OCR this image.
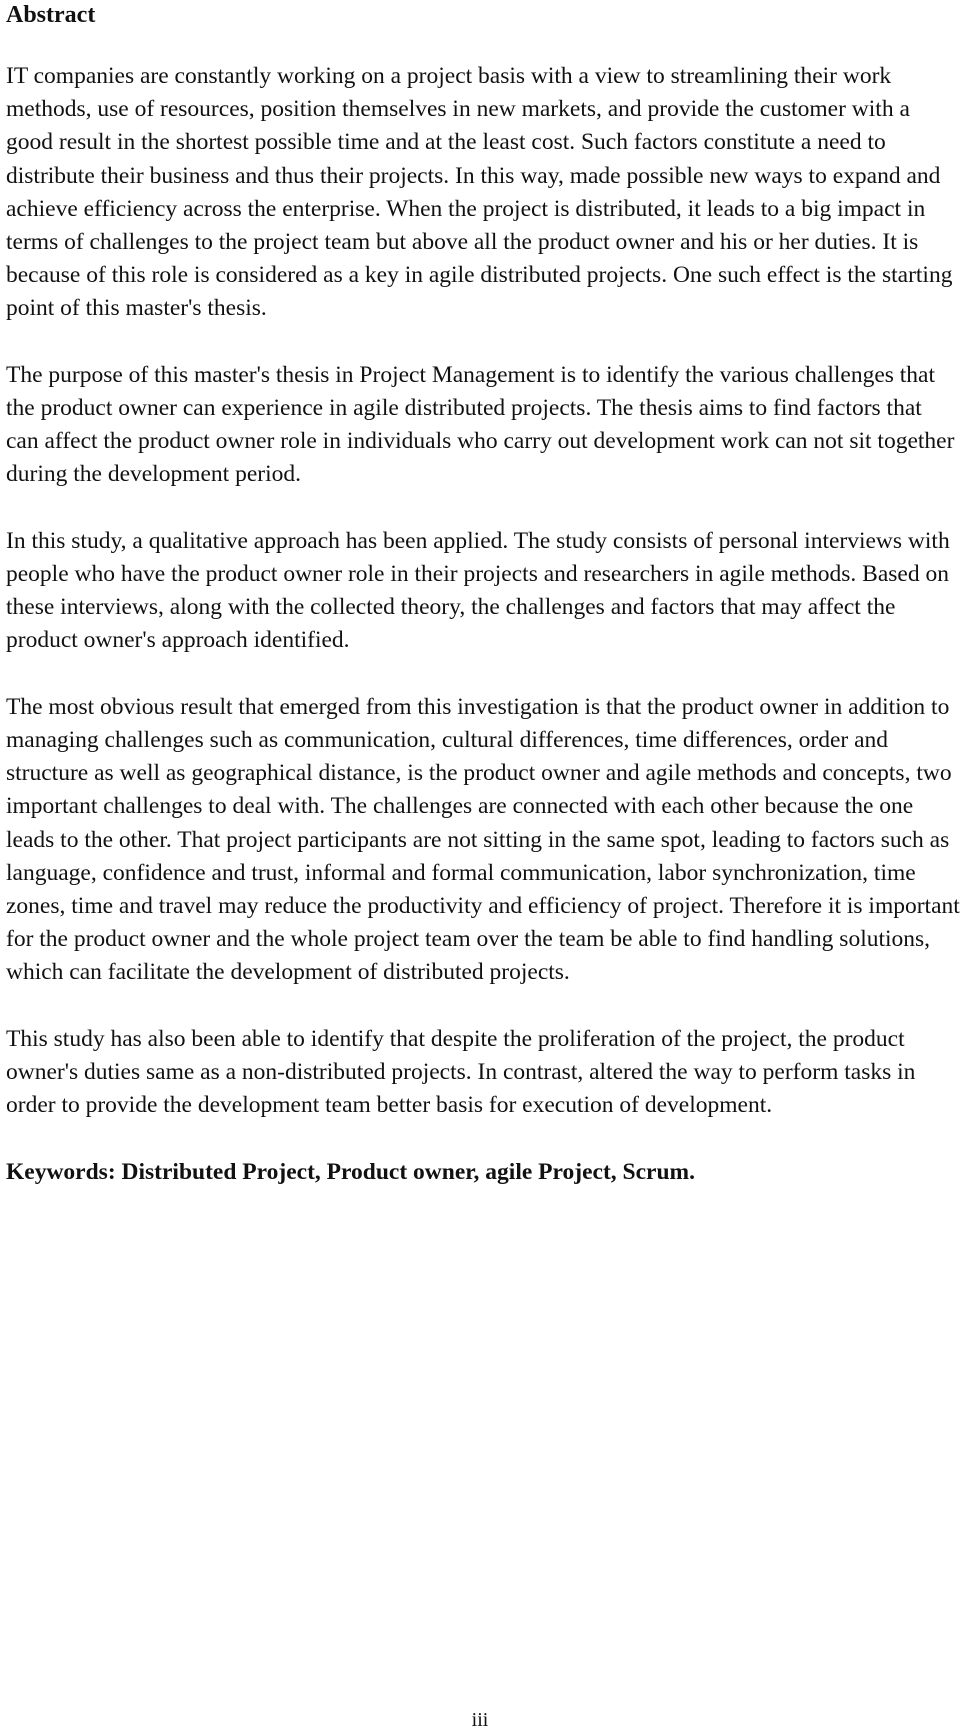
Abstract

IT companies are constantly working on a project basis with a view to streamlining their work methods, use of resources, position themselves in new markets, and provide the customer with a good result in the shortest possible time and at the least cost. Such factors constitute a need to distribute their business and thus their projects. In this way, made possible new ways to expand and achieve efficiency across the enterprise. When the project is distributed, it leads to a big impact in terms of challenges to the project team but above all the product owner and his or her duties. It is because of this role is considered as a key in agile distributed projects. One such effect is the starting point of this master's thesis.

The purpose of this master's thesis in Project Management is to identify the various challenges that the product owner can experience in agile distributed projects. The thesis aims to find factors that can affect the product owner role in individuals who carry out development work can not sit together during the development period.

In this study, a qualitative approach has been applied. The study consists of personal interviews with people who have the product owner role in their projects and researchers in agile methods. Based on these interviews, along with the collected theory, the challenges and factors that may affect the product owner's approach identified.

The most obvious result that emerged from this investigation is that the product owner in addition to managing challenges such as communication, cultural differences, time differences, order and structure as well as geographical distance, is the product owner and agile methods and concepts, two important challenges to deal with. The challenges are connected with each other because the one leads to the other. That project participants are not sitting in the same spot, leading to factors such as language, confidence and trust, informal and formal communication, labor synchronization, time zones, time and travel may reduce the productivity and efficiency of project. Therefore it is important for the product owner and the whole project team over the team be able to find handling solutions, which can facilitate the development of distributed projects.

This study has also been able to identify that despite the proliferation of the project, the product owner's duties same as a non-distributed projects. In contrast, altered the way to perform tasks in order to provide the development team better basis for execution of development.

Keywords: Distributed Project, Product owner, agile Project, Scrum.

iii
